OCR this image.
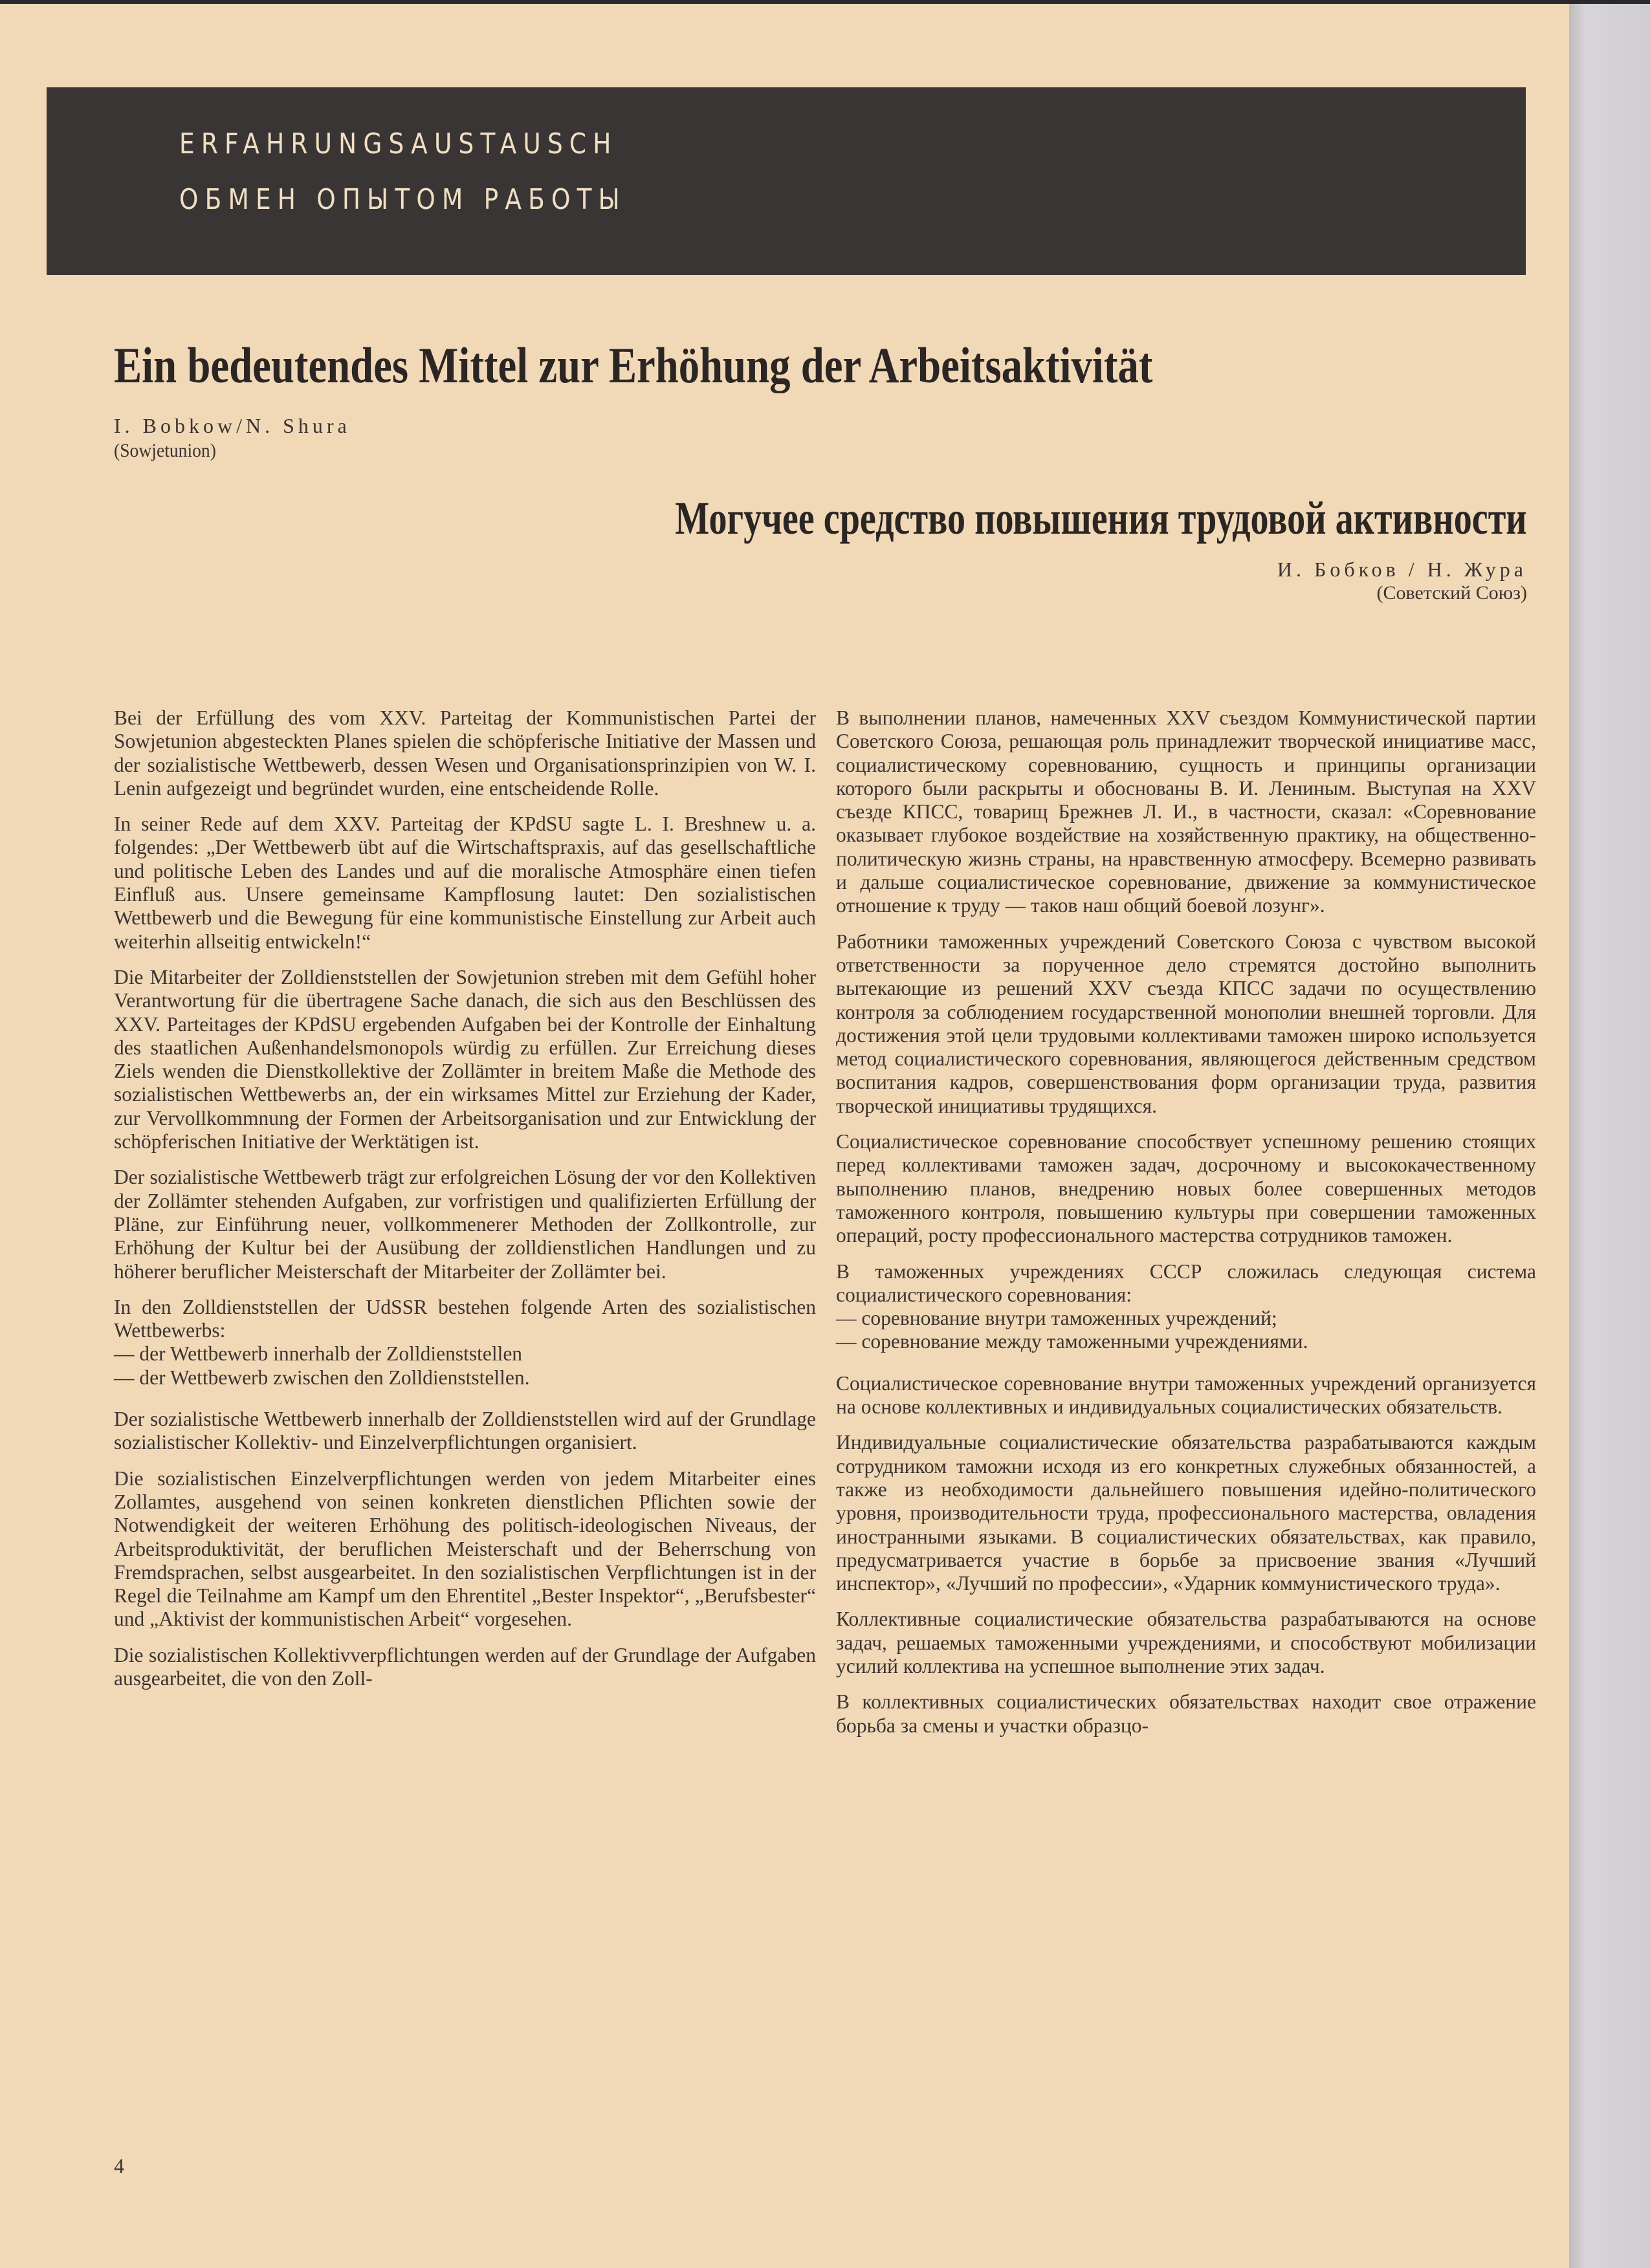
ERFAHRUNGSAUSTAUSCH
ОБМЕН ОПЫТОМ РАБОТЫ
Ein bedeutendes Mittel zur Erhöhung der Arbeitsaktivität
I. Bobkow/N. Shura
(Sowjetunion)
Могучее средство повышения трудовой активности
И. Бобков / Н. Жура
(Советский Союз)

Bei der Erfüllung des vom XXV. Parteitag der Kommunistischen Partei der Sowjetunion abgesteckten Planes spielen die schöpferische Initiative der Massen und der sozialistische Wettbewerb, dessen Wesen und Organisationsprinzipien von W. I. Lenin aufgezeigt und begründet wurden, eine entscheidende Rolle.

In seiner Rede auf dem XXV. Parteitag der KPdSU sagte L. I. Breshnew u. a. folgendes: „Der Wettbewerb übt auf die Wirtschaftspraxis, auf das gesellschaftliche und politische Leben des Landes und auf die moralische Atmosphäre einen tiefen Einfluß aus. Unsere gemeinsame Kampflosung lautet: Den sozialistischen Wettbewerb und die Bewegung für eine kommunistische Einstellung zur Arbeit auch weiterhin allseitig entwickeln!“

Die Mitarbeiter der Zolldienststellen der Sowjetunion streben mit dem Gefühl hoher Verantwortung für die übertragene Sache danach, die sich aus den Beschlüssen des XXV. Parteitages der KPdSU ergebenden Aufgaben bei der Kontrolle der Einhaltung des staatlichen Außenhandelsmonopols würdig zu erfüllen. Zur Erreichung dieses Ziels wenden die Dienstkollektive der Zollämter in breitem Maße die Methode des sozialistischen Wettbewerbs an, der ein wirksames Mittel zur Erziehung der Kader, zur Vervollkommnung der Formen der Arbeitsorganisation und zur Entwicklung der schöpferischen Initiative der Werktätigen ist.

Der sozialistische Wettbewerb trägt zur erfolgreichen Lösung der vor den Kollektiven der Zollämter stehenden Aufgaben, zur vorfristigen und qualifizierten Erfüllung der Pläne, zur Einführung neuer, vollkommenerer Methoden der Zollkontrolle, zur Erhöhung der Kultur bei der Ausübung der zolldienstlichen Handlungen und zu höherer beruflicher Meisterschaft der Mitarbeiter der Zollämter bei.

In den Zolldienststellen der UdSSR bestehen folgende Arten des sozialistischen Wettbewerbs:
— der Wettbewerb innerhalb der Zolldienststellen
— der Wettbewerb zwischen den Zolldienststellen.

Der sozialistische Wettbewerb innerhalb der Zolldienststellen wird auf der Grundlage sozialistischer Kollektiv- und Einzelverpflichtungen organisiert.

Die sozialistischen Einzelverpflichtungen werden von jedem Mitarbeiter eines Zollamtes, ausgehend von seinen konkreten dienstlichen Pflichten sowie der Notwendigkeit der weiteren Erhöhung des politisch-ideologischen Niveaus, der Arbeitsproduktivität, der beruflichen Meisterschaft und der Beherrschung von Fremdsprachen, selbst ausgearbeitet. In den sozialistischen Verpflichtungen ist in der Regel die Teilnahme am Kampf um den Ehrentitel „Bester Inspektor“, „Berufsbester“ und „Aktivist der kommunistischen Arbeit“ vorgesehen.

Die sozialistischen Kollektivverpflichtungen werden auf der Grundlage der Aufgaben ausgearbeitet, die von den Zoll-

В выполнении планов, намеченных XXV съездом Коммунистической партии Советского Союза, решающая роль принадлежит творческой инициативе масс, социалистическому соревнованию, сущность и принципы организации которого были раскрыты и обоснованы В. И. Лениным. Выступая на XXV съезде КПСС, товарищ Брежнев Л. И., в частности, сказал: «Соревнование оказывает глубокое воздействие на хозяйственную практику, на общественно-политическую жизнь страны, на нравственную атмосферу. Всемерно развивать и дальше социалистическое соревнование, движение за коммунистическое отношение к труду — таков наш общий боевой лозунг».

Работники таможенных учреждений Советского Союза с чувством высокой ответственности за порученное дело стремятся достойно выполнить вытекающие из решений XXV съезда КПСС задачи по осуществлению контроля за соблюдением государственной монополии внешней торговли. Для достижения этой цели трудовыми коллективами таможен широко используется метод социалистического соревнования, являющегося действенным средством воспитания кадров, совершенствования форм организации труда, развития творческой инициативы трудящихся.

Социалистическое соревнование способствует успешному решению стоящих перед коллективами таможен задач, досрочному и высококачественному выполнению планов, внедрению новых более совершенных методов таможенного контроля, повышению культуры при совершении таможенных операций, росту профессионального мастерства сотрудников таможен.

В таможенных учреждениях СССР сложилась следующая система социалистического соревнования:
— соревнование внутри таможенных учреждений;
— соревнование между таможенными учреждениями.

Социалистическое соревнование внутри таможенных учреждений организуется на основе коллективных и индивидуальных социалистических обязательств.

Индивидуальные социалистические обязательства разрабатываются каждым сотрудником таможни исходя из его конкретных служебных обязанностей, а также из необходимости дальнейшего повышения идейно-политического уровня, производительности труда, профессионального мастерства, овладения иностранными языками. В социалистических обязательствах, как правило, предусматривается участие в борьбе за присвоение звания «Лучший инспектор», «Лучший по профессии», «Ударник коммунистического труда».

Коллективные социалистические обязательства разрабатываются на основе задач, решаемых таможенными учреждениями, и способствуют мобилизации усилий коллектива на успешное выполнение этих задач.

В коллективных социалистических обязательствах находит свое отражение борьба за смены и участки образцо-

4
